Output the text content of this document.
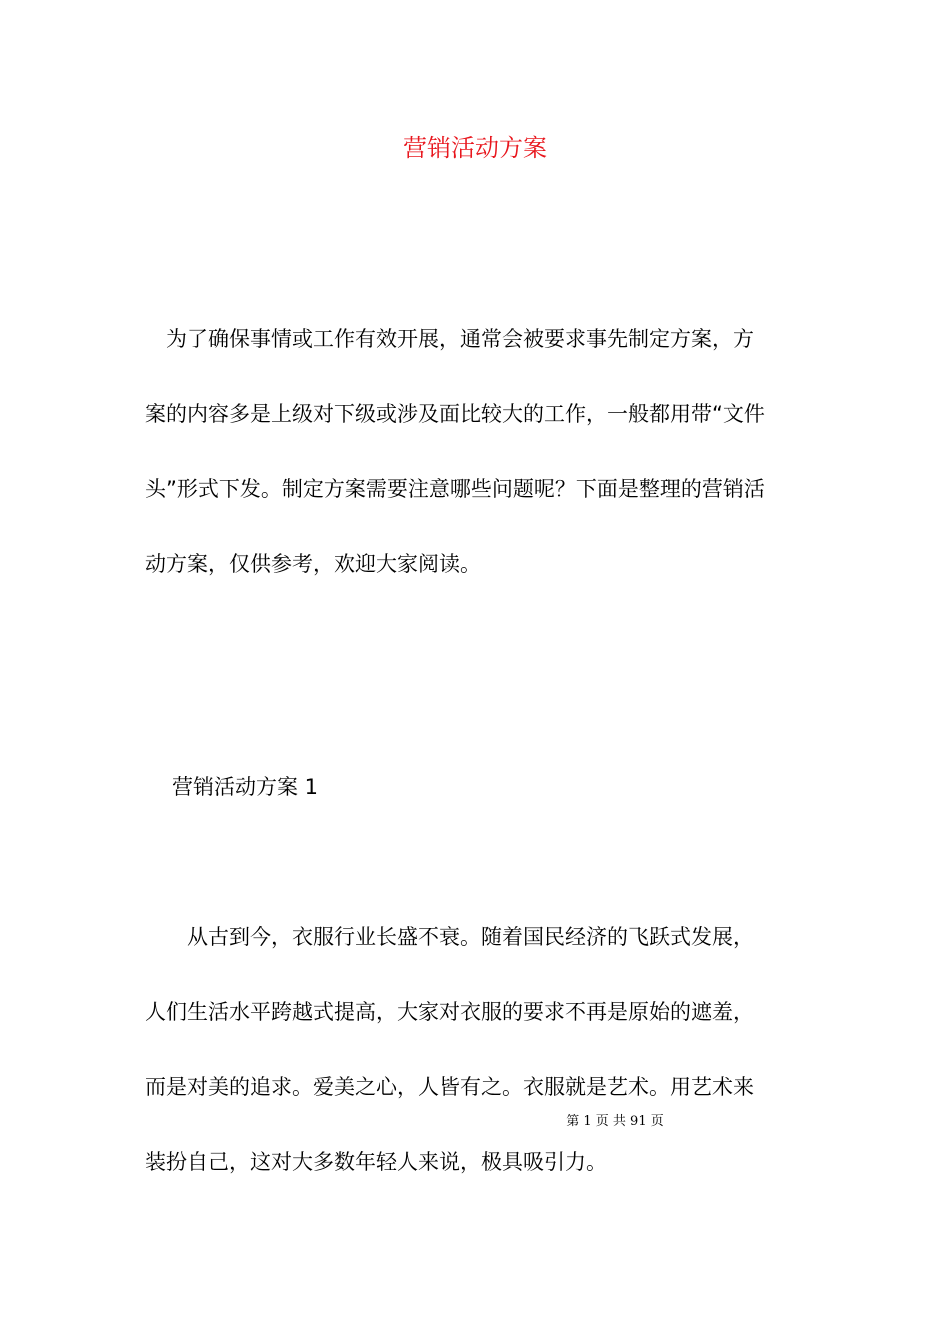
营销活动方案

　为了确保事情或工作有效开展，通常会被要求事先制定方案，方

案的内容多是上级对下级或涉及面比较大的工作，一般都用带“文件

头”形式下发。制定方案需要注意哪些问题呢？下面是整理的营销活

动方案，仅供参考，欢迎大家阅读。

营销活动方案 1

　　从古到今，衣服行业长盛不衰。随着国民经济的飞跃式发展，

人们生活水平跨越式提高，大家对衣服的要求不再是原始的遮羞，

而是对美的追求。爱美之心，人皆有之。衣服就是艺术。用艺术来

第 1 页 共 91 页

装扮自己，这对大多数年轻人来说，极具吸引力。
